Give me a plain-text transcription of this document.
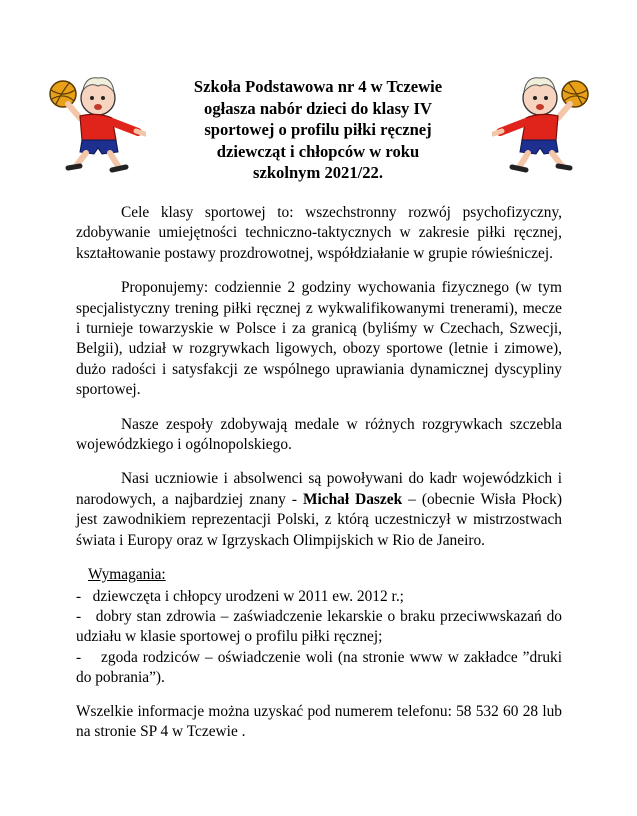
Szkoła Podstawowa nr 4 w Tczewie
ogłasza nabór dzieci do klasy IV
sportowej o profilu piłki ręcznej
dziewcząt i chłopców w roku
szkolnym 2021/22.

Cele klasy sportowej to: wszechstronny rozwój psychofizyczny, zdobywanie umiejętności techniczno-taktycznych w zakresie piłki ręcznej, kształtowanie postawy prozdrowotnej, współdziałanie w grupie rówieśniczej.

Proponujemy: codziennie 2 godziny wychowania fizycznego (w tym specjalistyczny trening piłki ręcznej z wykwalifikowanymi trenerami), mecze i turnieje towarzyskie w Polsce i za granicą (byliśmy w Czechach, Szwecji, Belgii), udział w rozgrywkach ligowych, obozy sportowe (letnie i zimowe), dużo radości i satysfakcji ze wspólnego uprawiania dynamicznej dyscypliny sportowej.

Nasze zespoły zdobywają medale w różnych rozgrywkach szczebla wojewódzkiego i ogólnopolskiego.

Nasi uczniowie i absolwenci są powoływani do kadr wojewódzkich i narodowych, a najbardziej znany - Michał Daszek – (obecnie Wisła Płock) jest zawodnikiem reprezentacji Polski, z którą uczestniczył w mistrzostwach świata i Europy oraz w Igrzyskach Olimpijskich w Rio de Janeiro.

Wymagania:

-   dziewczęta i chłopcy urodzeni w 2011 ew. 2012 r.;

-   dobry stan zdrowia – zaświadczenie lekarskie o braku przeciwwskazań do udziału w klasie sportowej o profilu piłki ręcznej;

-    zgoda rodziców – oświadczenie woli (na stronie www w zakładce ”druki do pobrania”).

Wszelkie informacje można uzyskać pod numerem telefonu: 58 532 60 28 lub na stronie SP 4 w Tczewie .
